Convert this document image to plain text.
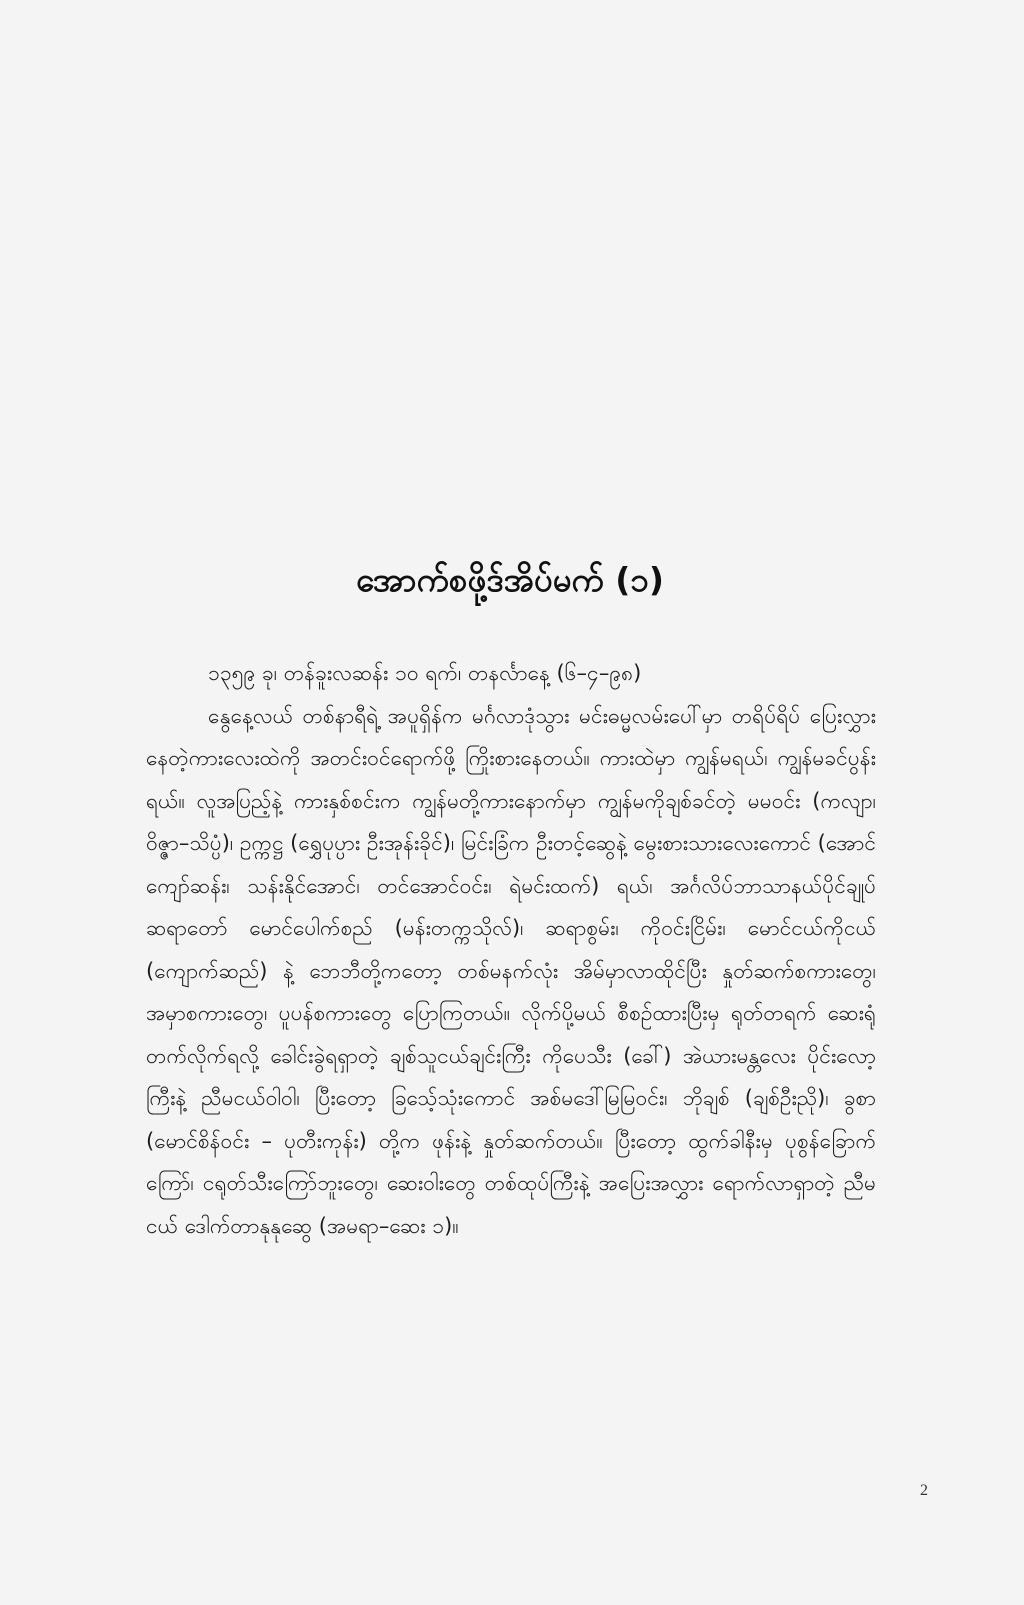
အောက်စဖို့ဒ်အိပ်မက် (၁)

၁၃၅၉ ခု၊ တန်ခူးလဆန်း ၁၀ ရက်၊ တနင်္လာနေ့ (၆–၄–၉၈)

နွေနေ့လယ် တစ်နာရီရဲ့ အပူရှိန်က မင်္ဂလာဒုံသွား မင်းဓမ္မလမ်းပေါ်မှာ တရိပ်ရိပ် ပြေးလွှားနေတဲ့ကားလေးထဲကို အတင်းဝင်ရောက်ဖို့ ကြိုးစားနေတယ်။ ကားထဲမှာ ကျွန်မရယ်၊ ကျွန်မခင်ပွန်းရယ်။ လူအပြည့်နဲ့ ကားနှစ်စင်းက ကျွန်မတို့ကားနောက်မှာ ကျွန်မကိုချစ်ခင်တဲ့ မမဝင်း (ကလျာ၊ ဝိဇ္ဇာ–သိပ္ပံ)၊ ဥက္ကဋ္ဌ (ရွှေပုပ္ပား ဦးအုန်းခိုင်)၊ မြင်းခြံက ဦးတင့်ဆွေနဲ့ မွေးစားသားလေးကောင် (အောင်ကျော်ဆန်း၊ သန်းနိုင်အောင်၊ တင်အောင်ဝင်း၊ ရဲမင်းထက်) ရယ်၊ အင်္ဂလိပ်ဘာသာနယ်ပိုင်ချုပ်ဆရာတော် မောင်ပေါက်စည် (မန်းတက္ကသိုလ်)၊ ဆရာစွမ်း၊ ကိုဝင်းငြိမ်း၊ မောင်ငယ်ကိုငယ် (ကျောက်ဆည်) နဲ့ ဘေဘီတို့ကတော့ တစ်မနက်လုံး အိမ်မှာလာထိုင်ပြီး နှုတ်ဆက်စကားတွေ၊ အမှာစကားတွေ၊ ပူပန်စကားတွေ ပြောကြတယ်။ လိုက်ပို့မယ် စီစဉ်ထားပြီးမှ ရုတ်တရက် ဆေးရုံတက်လိုက်ရလို့ ခေါင်းခွဲရရှာတဲ့ ချစ်သူငယ်ချင်းကြီး ကိုပေသီး (ခေါ်) အဲယားမန္တလေး ပိုင်းလော့ကြီးနဲ့ ညီမငယ်ဝါဝါ၊ ပြီးတော့ ခြသေ့်သုံးကောင် အစ်မဒေါ်မြမြဝင်း၊ ဘိုချစ် (ချစ်ဦးညို)၊ ခွစာ (မောင်စိန်ဝင်း – ပုတီးကုန်း) တို့က ဖုန်းနဲ့ နှုတ်ဆက်တယ်။ ပြီးတော့ ထွက်ခါနီးမှ ပုစွန်ခြောက်ကြော်၊ ငရုတ်သီးကြော်ဘူးတွေ၊ ဆေးဝါးတွေ တစ်ထုပ်ကြီးနဲ့ အပြေးအလွှား ရောက်လာရှာတဲ့ ညီမငယ် ဒေါက်တာနုနုဆွေ (အမရာ–ဆေး ၁)။

2
